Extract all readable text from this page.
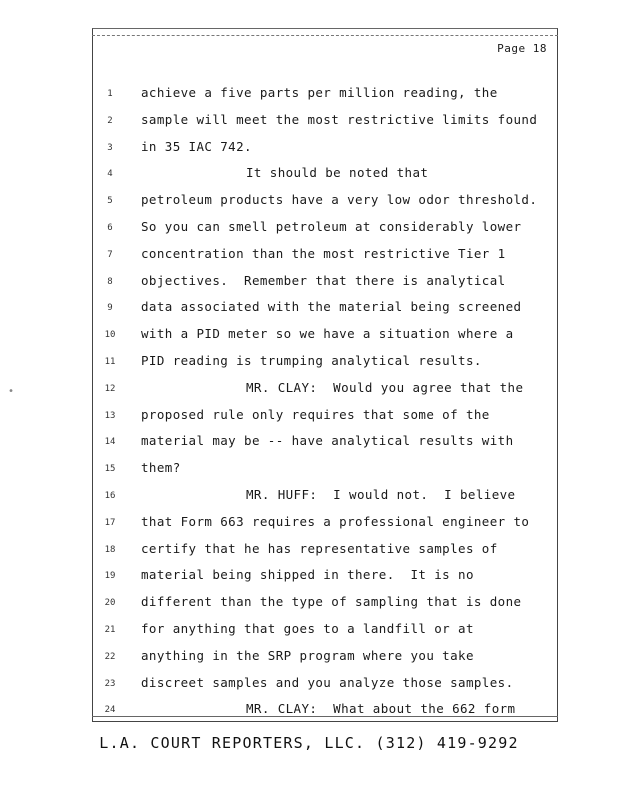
Page 18
1	achieve a five parts per million reading, the
2	sample will meet the most restrictive limits found
3	in 35 IAC 742.
4	It should be noted that
5	petroleum products have a very low odor threshold.
6	So you can smell petroleum at considerably lower
7	concentration than the most restrictive Tier 1
8	objectives.  Remember that there is analytical
9	data associated with the material being screened
10	with a PID meter so we have a situation where a
11	PID reading is trumping analytical results.
12	MR. CLAY:  Would you agree that the
13	proposed rule only requires that some of the
14	material may be -- have analytical results with
15	them?
16	MR. HUFF:  I would not.  I believe
17	that Form 663 requires a professional engineer to
18	certify that he has representative samples of
19	material being shipped in there.  It is no
20	different than the type of sampling that is done
21	for anything that goes to a landfill or at
22	anything in the SRP program where you take
23	discreet samples and you analyze those samples.
24	MR. CLAY:  What about the 662 form
•
L.A. COURT REPORTERS, LLC. (312) 419-9292
